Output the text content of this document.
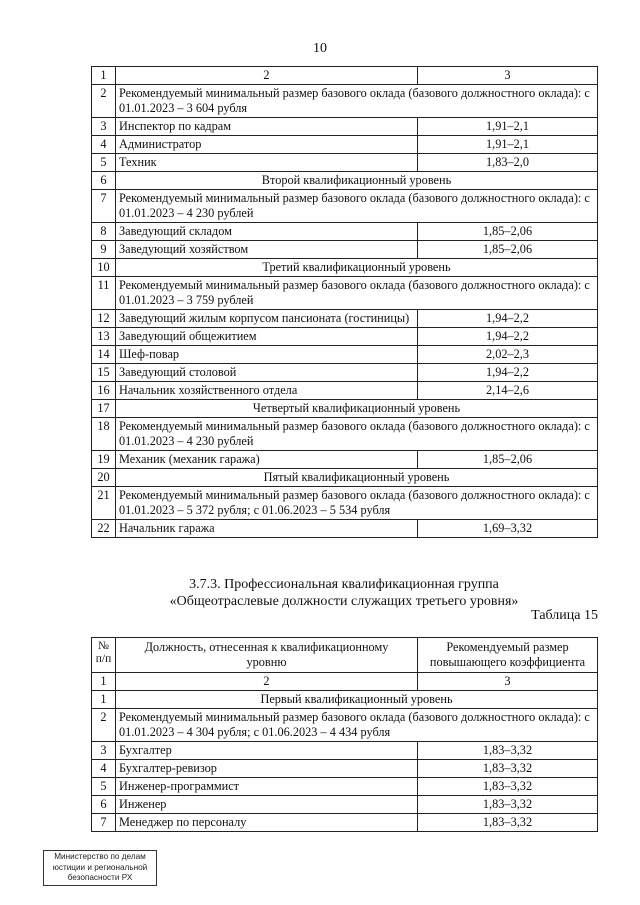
10
1	2	3
2	Рекомендуемый минимальный размер базового оклада (базового должностного оклада): с 01.01.2023 – 3 604 рубля	
3	Инспектор по кадрам	1,91–2,1
4	Администратор	1,91–2,1
5	Техник	1,83–2,0
6	Второй квалификационный уровень	
7	Рекомендуемый минимальный размер базового оклада (базового должностного оклада): с 01.01.2023 – 4 230 рублей	
8	Заведующий складом	1,85–2,06
9	Заведующий хозяйством	1,85–2,06
10	Третий квалификационный уровень	
11	Рекомендуемый минимальный размер базового оклада (базового должностного оклада): с 01.01.2023 – 3 759 рублей	
12	Заведующий жилым корпусом пансионата (гостиницы)	1,94–2,2
13	Заведующий общежитием	1,94–2,2
14	Шеф-повар	2,02–2,3
15	Заведующий столовой	1,94–2,2
16	Начальник хозяйственного отдела	2,14–2,6
17	Четвертый квалификационный уровень	
18	Рекомендуемый минимальный размер базового оклада (базового должностного оклада): с 01.01.2023 – 4 230 рублей	
19	Механик (механик гаража)	1,85–2,06
20	Пятый квалификационный уровень	
21	Рекомендуемый минимальный размер базового оклада (базового должностного оклада): с 01.01.2023 – 5 372 рубля; с 01.06.2023 – 5 534 рубля	
22	Начальник гаража	1,69–3,32
3.7.3. Профессиональная квалификационная группа
«Общеотраслевые должности служащих третьего уровня»
Таблица 15
№ п/п	Должность, отнесенная к квалификационному уровню	Рекомендуемый размер повышающего коэффициента
1	2	3
1	Первый квалификационный уровень	
2	Рекомендуемый минимальный размер базового оклада (базового должностного оклада): с 01.01.2023 – 4 304 рубля; с 01.06.2023 – 4 434 рубля	
3	Бухгалтер	1,83–3,32
4	Бухгалтер-ревизор	1,83–3,32
5	Инженер-программист	1,83–3,32
6	Инженер	1,83–3,32
7	Менеджер по персоналу	1,83–3,32
Министерство по делам
юстиции и региональной
безопасности РХ
